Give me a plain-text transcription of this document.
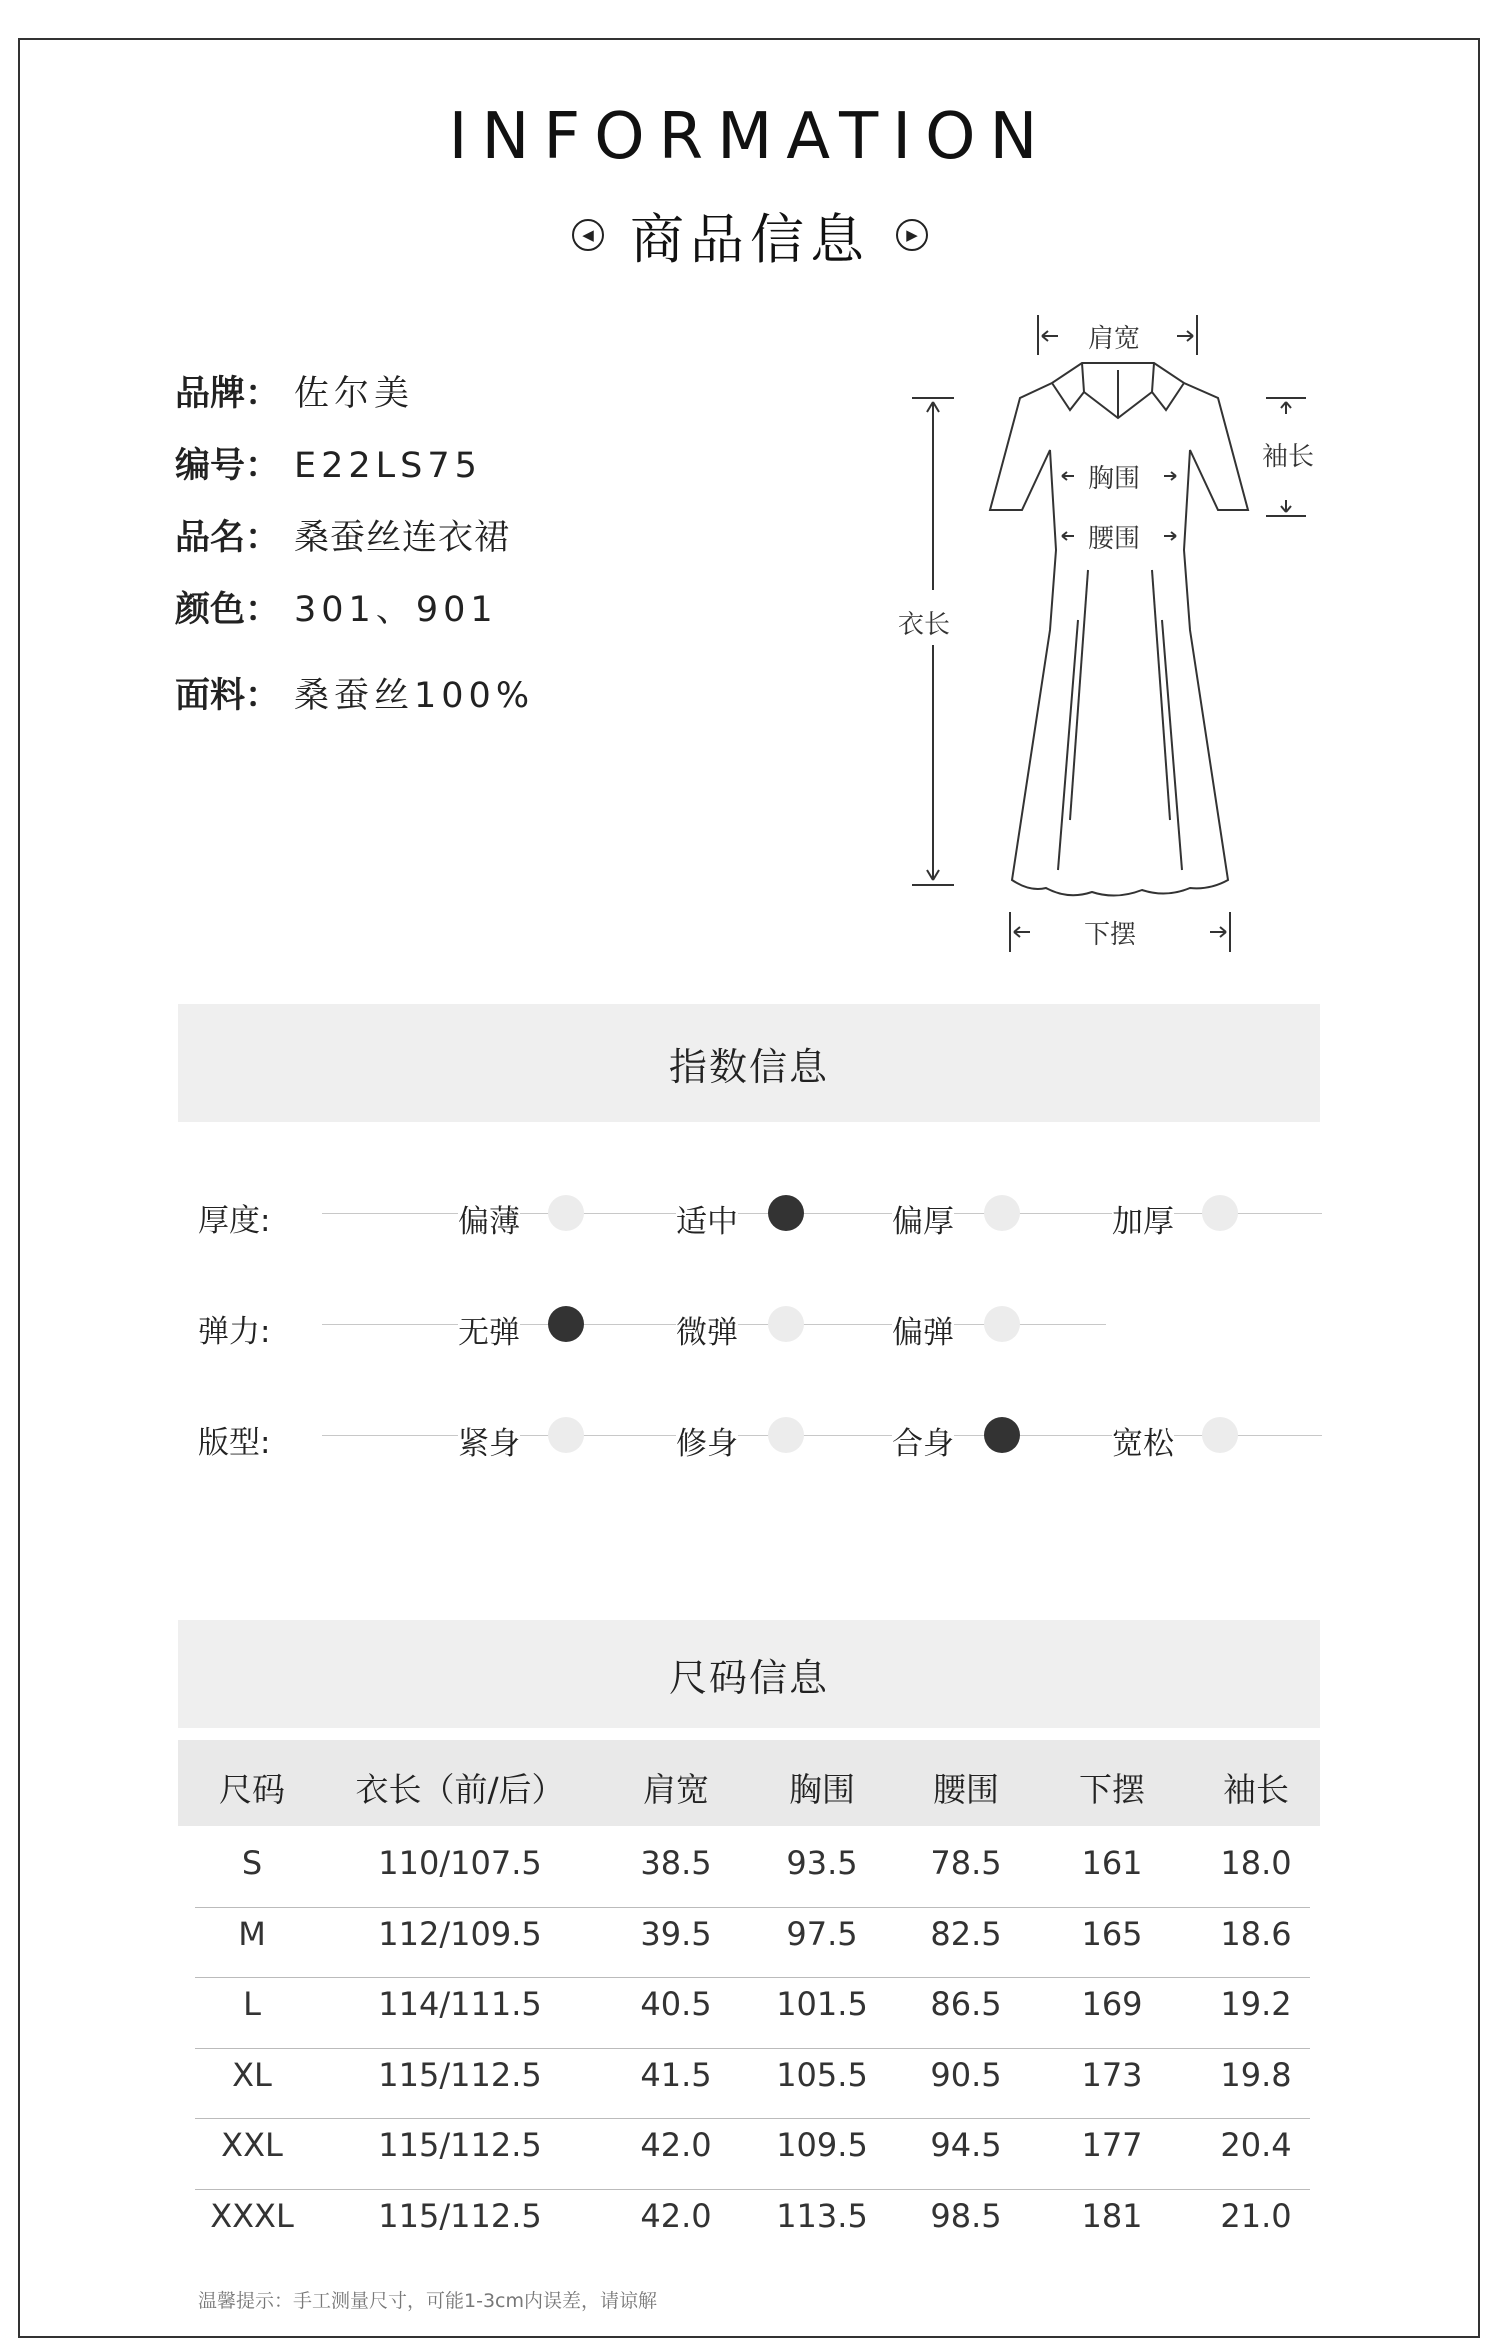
INFORMATION
◀ 商品信息	▶
品牌： 佐尔美
编号： E22LS75
品名： 桑蚕丝连衣裙
颜色： 301、901
面料： 桑蚕丝100%
肩宽
袖长
胸围
腰围
衣长
下摆
指数信息
厚度:	偏薄	适中	偏厚	加厚
弹力:	无弹	微弹	偏弹
版型:	紧身	修身	合身	宽松
尺码信息
尺码	衣长（前/后）	肩宽	胸围	腰围	下摆	袖长
S	110/107.5	38.5	93.5	78.5	161	18.0
M	112/109.5	39.5	97.5	82.5	165	18.6
L	114/111.5	40.5	101.5	86.5	169	19.2
XL	115/112.5	41.5	105.5	90.5	173	19.8
XXL	115/112.5	42.0	109.5	94.5	177	20.4
XXXL	115/112.5	42.0	113.5	98.5	181	21.0
温馨提示：手工测量尺寸，可能1-3cm内误差，请谅解
